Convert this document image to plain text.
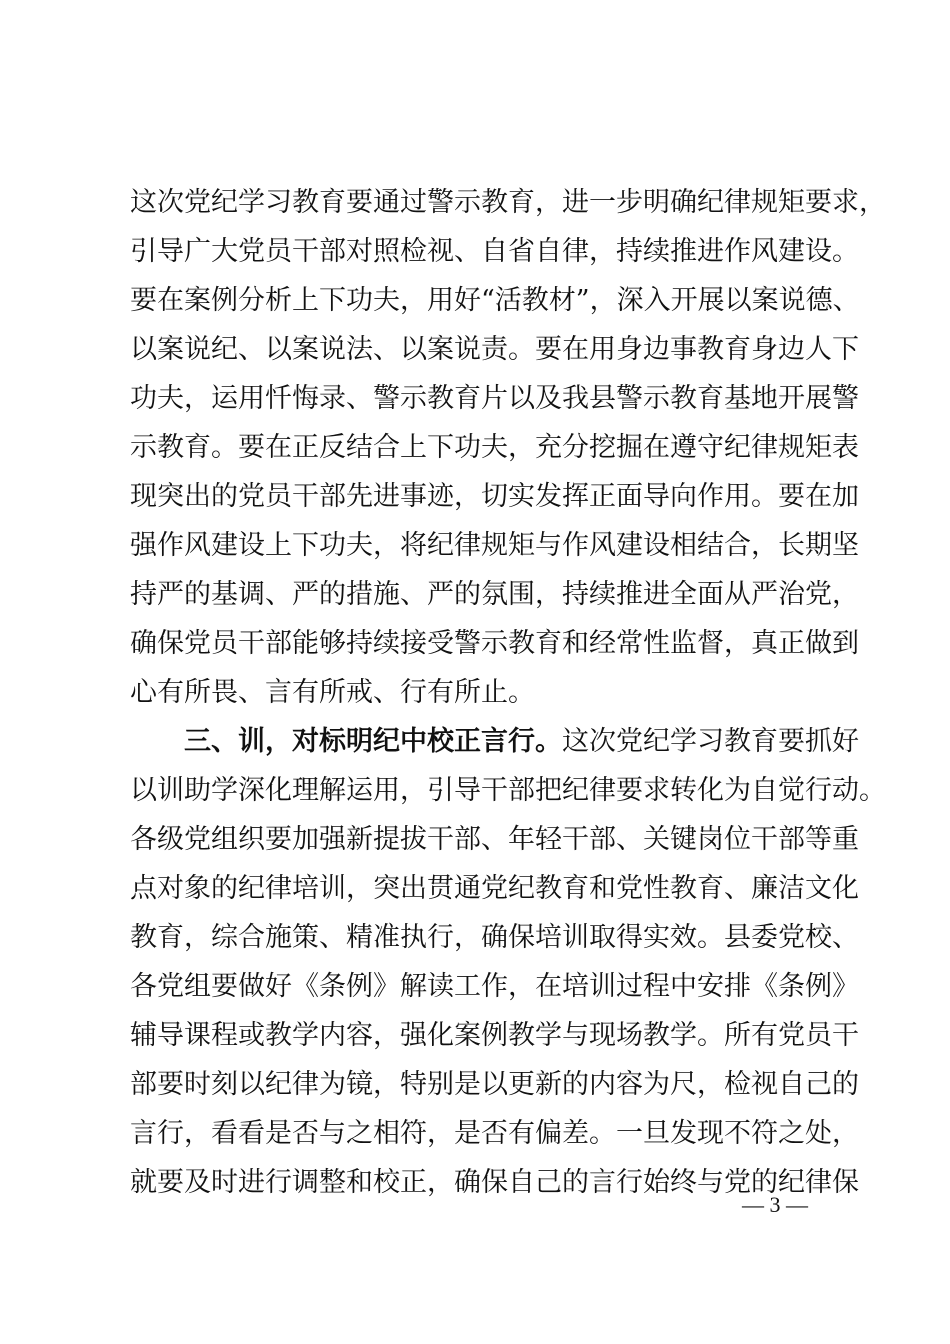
这次党纪学习教育要通过警示教育，进一步明确纪律规矩要求，
引导广大党员干部对照检视、自省自律，持续推进作风建设。
要在案例分析上下功夫，用好“活教材”，深入开展以案说德、
以案说纪、以案说法、以案说责。要在用身边事教育身边人下
功夫，运用忏悔录、警示教育片以及我县警示教育基地开展警
示教育。要在正反结合上下功夫，充分挖掘在遵守纪律规矩表
现突出的党员干部先进事迹，切实发挥正面导向作用。要在加
强作风建设上下功夫，将纪律规矩与作风建设相结合，长期坚
持严的基调、严的措施、严的氛围，持续推进全面从严治党，
确保党员干部能够持续接受警示教育和经常性监督，真正做到
心有所畏、言有所戒、行有所止。
三、训，对标明纪中校正言行。这次党纪学习教育要抓好
以训助学深化理解运用，引导干部把纪律要求转化为自觉行动。
各级党组织要加强新提拔干部、年轻干部、关键岗位干部等重
点对象的纪律培训，突出贯通党纪教育和党性教育、廉洁文化
教育，综合施策、精准执行，确保培训取得实效。县委党校、
各党组要做好《条例》解读工作，在培训过程中安排《条例》
辅导课程或教学内容，强化案例教学与现场教学。所有党员干
部要时刻以纪律为镜，特别是以更新的内容为尺，检视自己的
言行，看看是否与之相符，是否有偏差。一旦发现不符之处，
就要及时进行调整和校正，确保自己的言行始终与党的纪律保
— 3 —
